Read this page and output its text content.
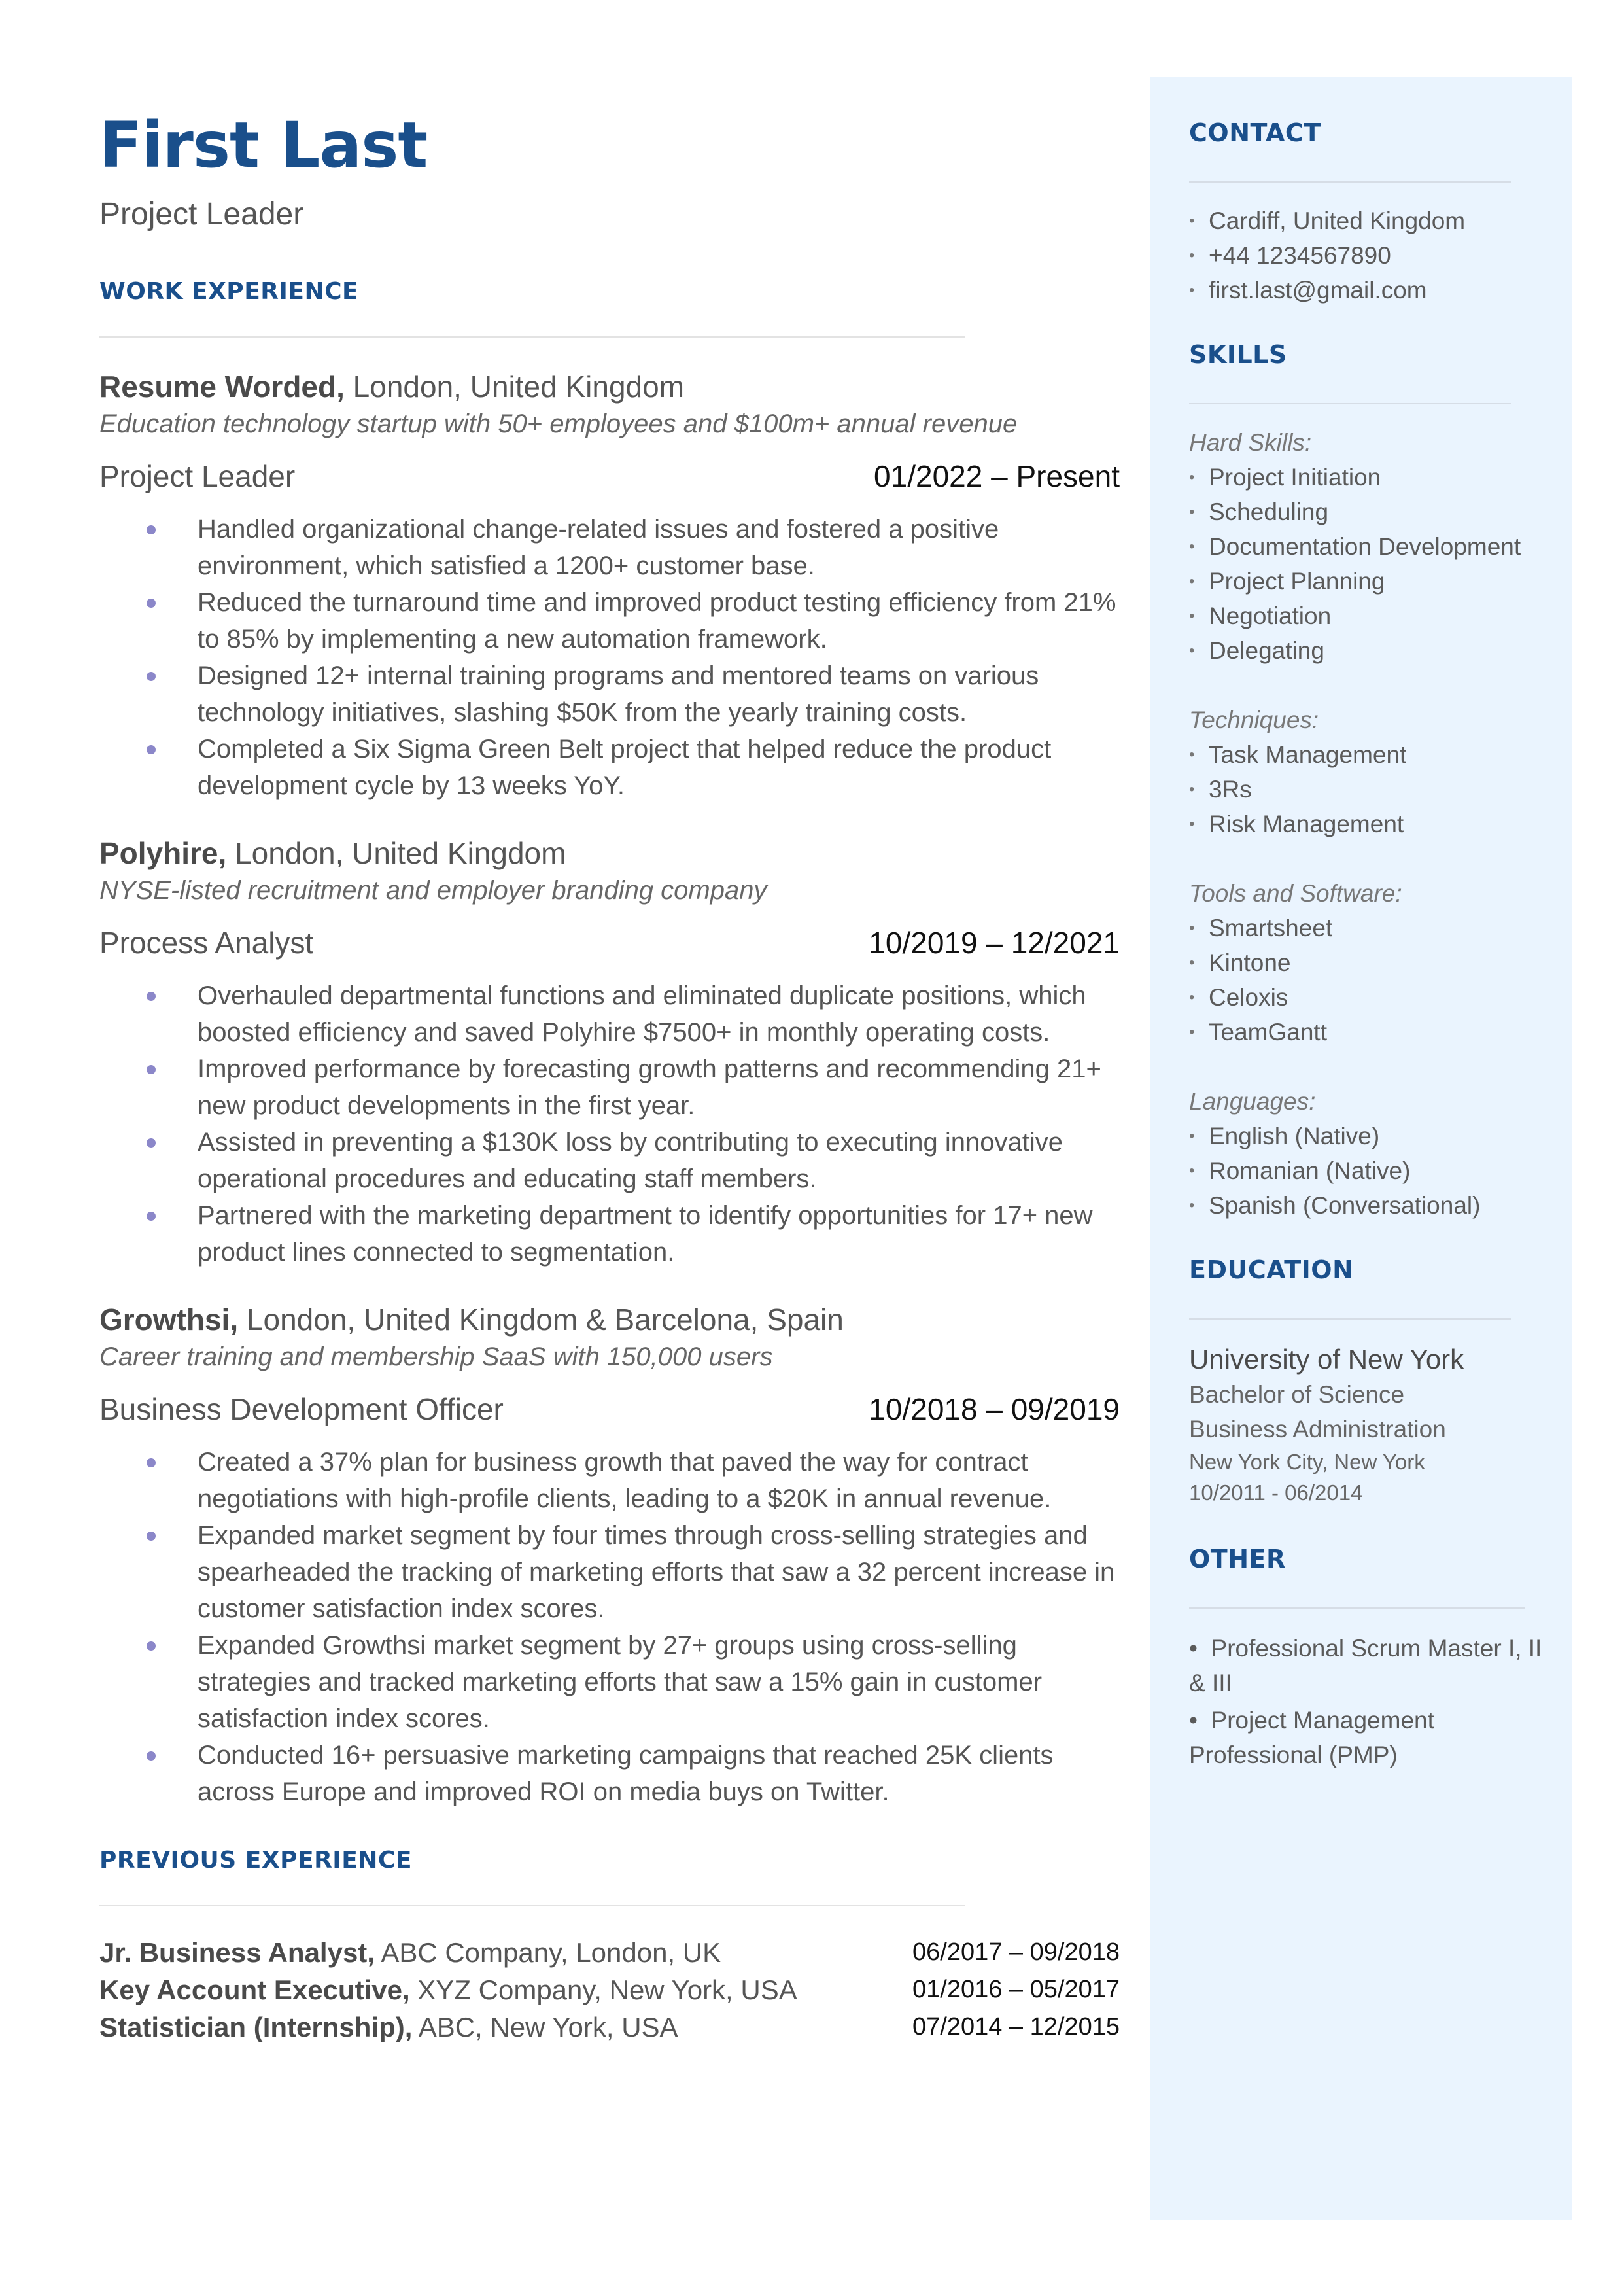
First Last
Project Leader
WORK EXPERIENCE
Resume Worded, London, United Kingdom
Education technology startup with 50+ employees and $100m+ annual revenue
Project Leader	01/2022 – Present
Handled organizational change-related issues and fostered a positive environment, which satisfied a 1200+ customer base.
Reduced the turnaround time and improved product testing efficiency from 21% to 85% by implementing a new automation framework.
Designed 12+ internal training programs and mentored teams on various technology initiatives, slashing $50K from the yearly training costs.
Completed a Six Sigma Green Belt project that helped reduce the product development cycle by 13 weeks YoY.
Polyhire, London, United Kingdom
NYSE-listed recruitment and employer branding company
Process Analyst	10/2019 – 12/2021
Overhauled departmental functions and eliminated duplicate positions, which boosted efficiency and saved Polyhire $7500+ in monthly operating costs.
Improved performance by forecasting growth patterns and recommending 21+ new product developments in the first year.
Assisted in preventing a $130K loss by contributing to executing innovative operational procedures and educating staff members.
Partnered with the marketing department to identify opportunities for 17+ new product lines connected to segmentation.
Growthsi, London, United Kingdom & Barcelona, Spain
Career training and membership SaaS with 150,000 users
Business Development Officer	10/2018 – 09/2019
Created a 37% plan for business growth that paved the way for contract negotiations with high-profile clients, leading to a $20K in annual revenue.
Expanded market segment by four times through cross-selling strategies and spearheaded the tracking of marketing efforts that saw a 32 percent increase in customer satisfaction index scores.
Expanded Growthsi market segment by 27+ groups using cross-selling strategies and tracked marketing efforts that saw a 15% gain in customer satisfaction index scores.
Conducted 16+ persuasive marketing campaigns that reached 25K clients across Europe and improved ROI on media buys on Twitter.
PREVIOUS EXPERIENCE
Jr. Business Analyst, ABC Company, London, UK	06/2017 – 09/2018
Key Account Executive, XYZ Company, New York, USA	01/2016 – 05/2017
Statistician (Internship), ABC, New York, USA	07/2014 – 12/2015
CONTACT
• Cardiff, United Kingdom
• +44 1234567890
• first.last@gmail.com
SKILLS
Hard Skills:
• Project Initiation
• Scheduling
• Documentation Development
• Project Planning
• Negotiation
• Delegating
Techniques:
• Task Management
• 3Rs
• Risk Management
Tools and Software:
• Smartsheet
• Kintone
• Celoxis
• TeamGantt
Languages:
• English (Native)
• Romanian (Native)
• Spanish (Conversational)
EDUCATION
University of New York
Bachelor of Science
Business Administration
New York City, New York
10/2011 - 06/2014
OTHER

•  Professional Scrum Master I, II & III

•  Project Management Professional (PMP)
